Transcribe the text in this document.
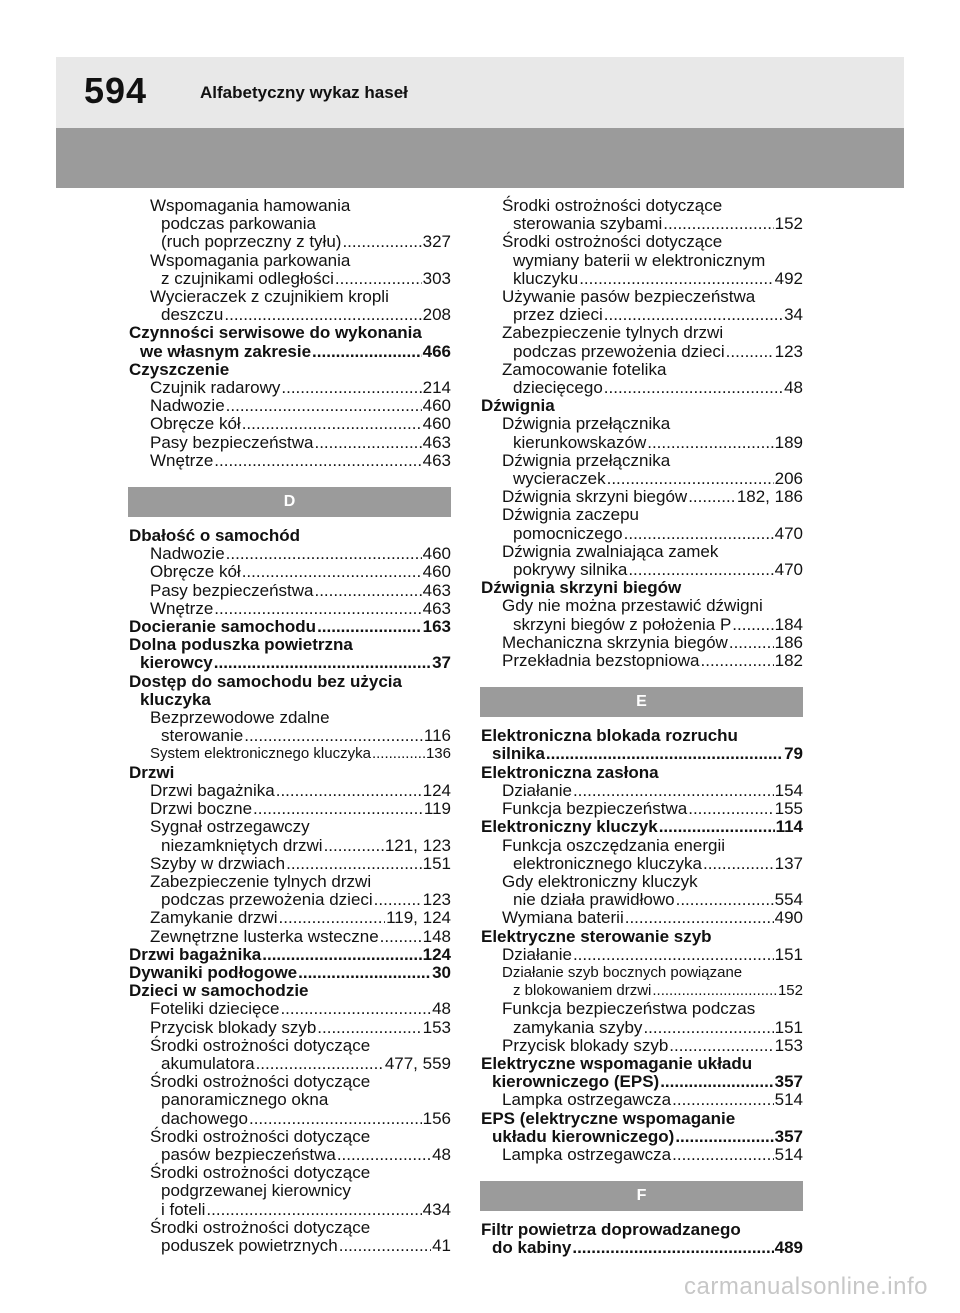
594	Alfabetyczny wykaz haseł
Wspomagania hamowania
podczas parkowania
(ruch poprzeczny z tyłu) .....	327
Wspomagania parkowania
z czujnikami odległości .....	303
Wycieraczek z czujnikiem kropli
deszczu .....	208
Czynności serwisowe do wykonania
we własnym zakresie .....	466
Czyszczenie
Czujnik radarowy .....	214
Nadwozie .....	460
Obręcze kół .....	460
Pasy bezpieczeństwa .....	463
Wnętrze .....	463
D
Dbałość o samochód
Nadwozie .....	460
Obręcze kół .....	460
Pasy bezpieczeństwa .....	463
Wnętrze .....	463
Docieranie samochodu .....	163
Dolna poduszka powietrzna
kierowcy .....	37
Dostęp do samochodu bez użycia
kluczyka
Bezprzewodowe zdalne
sterowanie .....	116
System elektronicznego kluczyka .....	136
Drzwi
Drzwi bagażnika .....	124
Drzwi boczne .....	119
Sygnał ostrzegawczy
niezamkniętych drzwi .....	121, 123
Szyby w drzwiach .....	151
Zabezpieczenie tylnych drzwi
podczas przewożenia dzieci .....	123
Zamykanie drzwi .....	119, 124
Zewnętrzne lusterka wsteczne .....	148
Drzwi bagażnika .....	124
Dywaniki podłogowe .....	30
Dzieci w samochodzie
Foteliki dziecięce .....	48
Przycisk blokady szyb .....	153
Środki ostrożności dotyczące
akumulatora .....	477, 559
Środki ostrożności dotyczące
panoramicznego okna
dachowego .....	156
Środki ostrożności dotyczące
pasów bezpieczeństwa .....	48
Środki ostrożności dotyczące
podgrzewanej kierownicy
i foteli .....	434
Środki ostrożności dotyczące
poduszek powietrznych .....	41
Środki ostrożności dotyczące
sterowania szybami .....	152
Środki ostrożności dotyczące
wymiany baterii w elektronicznym
kluczyku .....	492
Używanie pasów bezpieczeństwa
przez dzieci .....	34
Zabezpieczenie tylnych drzwi
podczas przewożenia dzieci .....	123
Zamocowanie fotelika
dziecięcego .....	48
Dźwignia
Dźwignia przełącznika
kierunkowskazów .....	189
Dźwignia przełącznika
wycieraczek .....	206
Dźwignia skrzyni biegów .....	182, 186
Dźwignia zaczepu
pomocniczego .....	470
Dźwignia zwalniająca zamek
pokrywy silnika .....	470
Dźwignia skrzyni biegów
Gdy nie można przestawić dźwigni
skrzyni biegów z położenia P .....	184
Mechaniczna skrzynia biegów .....	186
Przekładnia bezstopniowa .....	182
E
Elektroniczna blokada rozruchu
silnika .....	79
Elektroniczna zasłona
Działanie .....	154
Funkcja bezpieczeństwa .....	155
Elektroniczny kluczyk .....	114
Funkcja oszczędzania energii
elektronicznego kluczyka .....	137
Gdy elektroniczny kluczyk
nie działa prawidłowo .....	554
Wymiana baterii .....	490
Elektryczne sterowanie szyb
Działanie .....	151
Działanie szyb bocznych powiązane
z blokowaniem drzwi .....	152
Funkcja bezpieczeństwa podczas
zamykania szyby .....	151
Przycisk blokady szyb .....	153
Elektryczne wspomaganie układu
kierowniczego (EPS) .....	357
Lampka ostrzegawcza .....	514
EPS (elektryczne wspomaganie
układu kierowniczego) .....	357
Lampka ostrzegawcza .....	514
F
Filtr powietrza doprowadzanego
do kabiny .....	489
carmanualsonline.info
